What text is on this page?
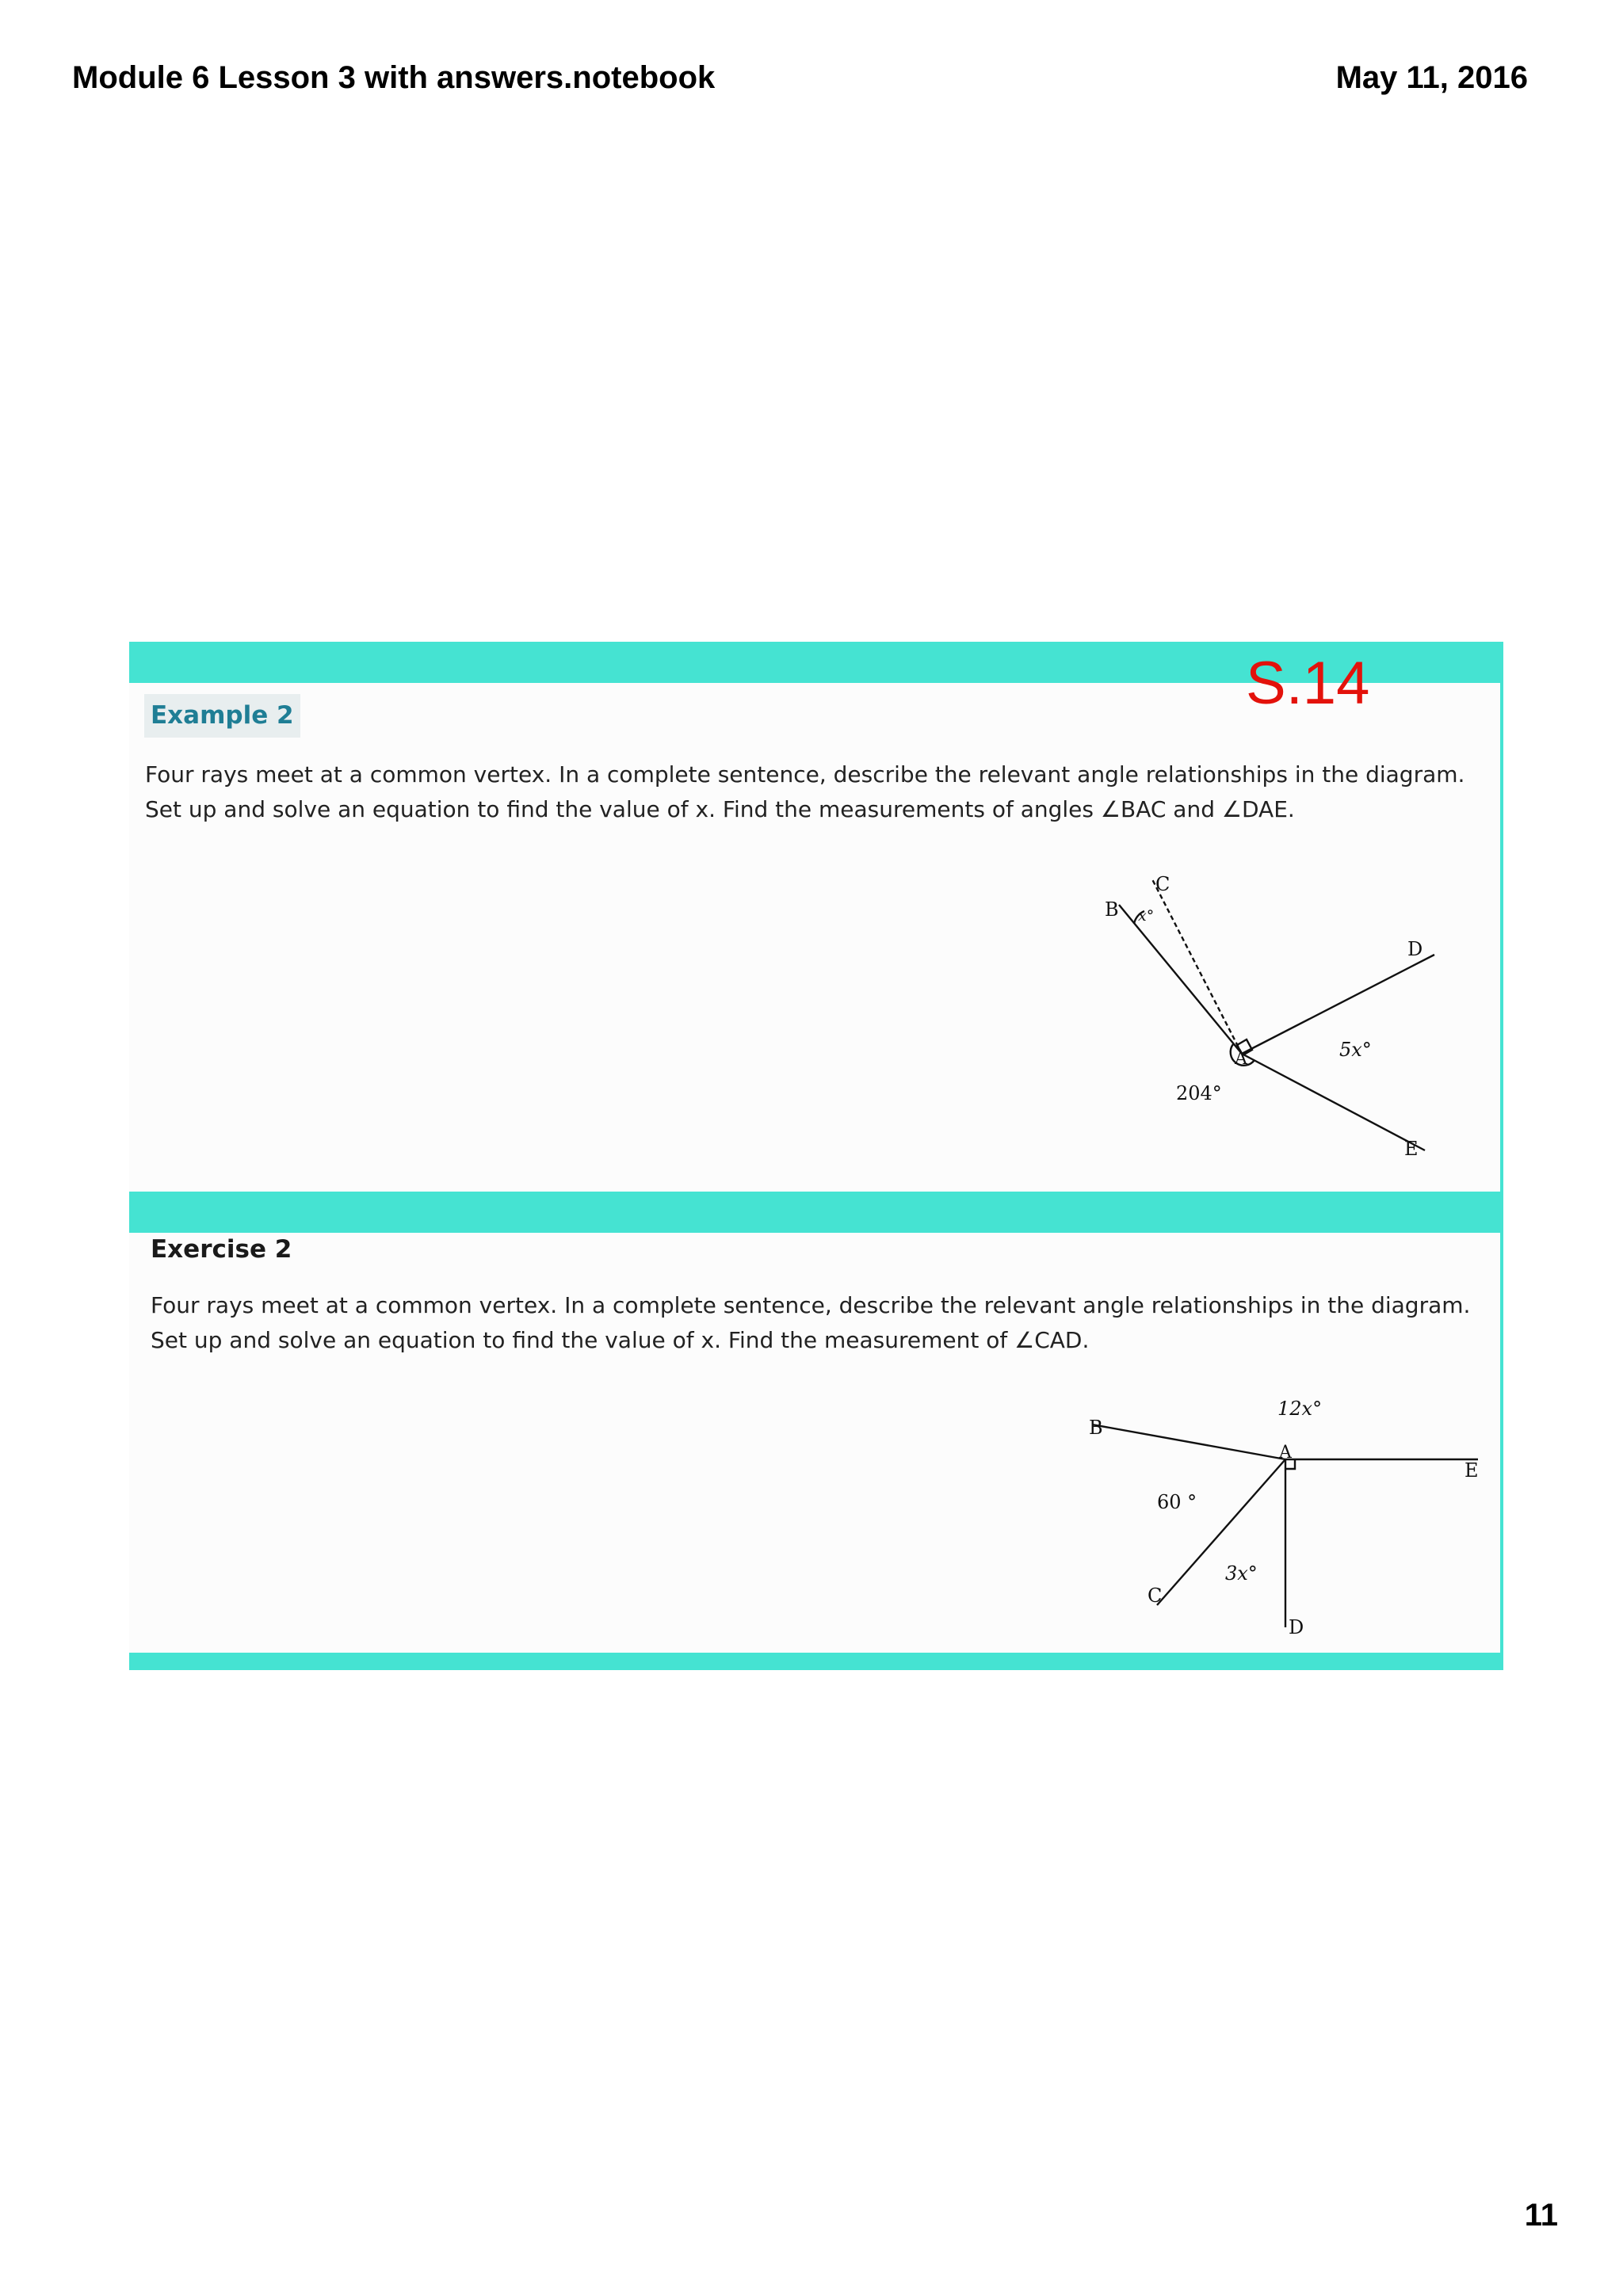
Module 6 Lesson 3 with answers.notebook	May 11, 2016
S.14
Example 2
Four rays meet at a common vertex. In a complete sentence, describe the relevant angle relationships in the diagram.
Set up and solve an equation to find the value of x. Find the measurements of angles ∠BAC and ∠DAE.
B
C
x°
D
A	5x°
204°
E
Exercise 2
Four rays meet at a common vertex. In a complete sentence, describe the relevant angle relationships in the diagram.
Set up and solve an equation to find the value of x. Find the measurement of ∠CAD.
B
12x°
A
E
60 °
3x°
C
D
11
